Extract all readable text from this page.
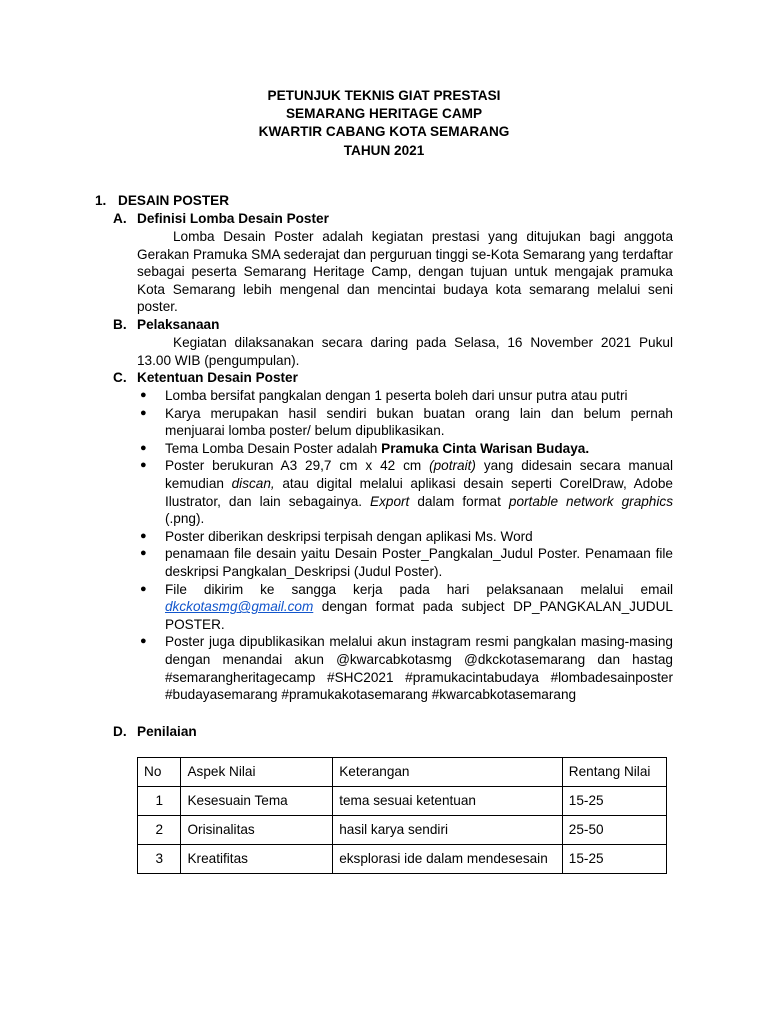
PETUNJUK TEKNIS GIAT PRESTASI
SEMARANG HERITAGE CAMP
KWARTIR CABANG KOTA SEMARANG
TAHUN 2021
1. DESAIN POSTER
A. Definisi Lomba Desain Poster
Lomba Desain Poster adalah kegiatan prestasi yang ditujukan bagi anggota Gerakan Pramuka SMA sederajat dan perguruan tinggi se-Kota Semarang yang terdaftar sebagai peserta Semarang Heritage Camp, dengan tujuan untuk mengajak pramuka Kota Semarang lebih mengenal dan mencintai budaya kota semarang melalui seni poster.
B. Pelaksanaan
Kegiatan dilaksanakan secara daring pada Selasa, 16 November 2021 Pukul 13.00 WIB (pengumpulan).
C. Ketentuan Desain Poster
● Lomba bersifat pangkalan dengan 1 peserta boleh dari unsur putra atau putri
● Karya merupakan hasil sendiri bukan buatan orang lain dan belum pernah menjuarai lomba poster/ belum dipublikasikan.
● Tema Lomba Desain Poster adalah Pramuka Cinta Warisan Budaya.
● Poster berukuran A3 29,7 cm x 42 cm (potrait) yang didesain secara manual kemudian discan, atau digital melalui aplikasi desain seperti CorelDraw, Adobe Ilustrator, dan lain sebagainya. Export dalam format portable network graphics (.png).
● Poster diberikan deskripsi terpisah dengan aplikasi Ms. Word
● penamaan file desain yaitu Desain Poster_Pangkalan_Judul Poster. Penamaan file deskripsi Pangkalan_Deskripsi (Judul Poster).
● File dikirim ke sangga kerja pada hari pelaksanaan melalui email dkckotasmg@gmail.com dengan format pada subject DP_PANGKALAN_JUDUL POSTER.
● Poster juga dipublikasikan melalui akun instagram resmi pangkalan masing-masing dengan menandai akun @kwarcabkotasmg @dkckotasemarang dan hastag #semarangheritagecamp #SHC2021 #pramukacintabudaya #lombadesainposter #budayasemarang #pramukakotasemarang #kwarcabkotasemarang
D. Penilaian
No	Aspek Nilai	Keterangan	Rentang Nilai
1	Kesesuain Tema	tema sesuai ketentuan	15-25
2	Orisinalitas	hasil karya sendiri	25-50
3	Kreatifitas	eksplorasi ide dalam mendesesain	15-25
